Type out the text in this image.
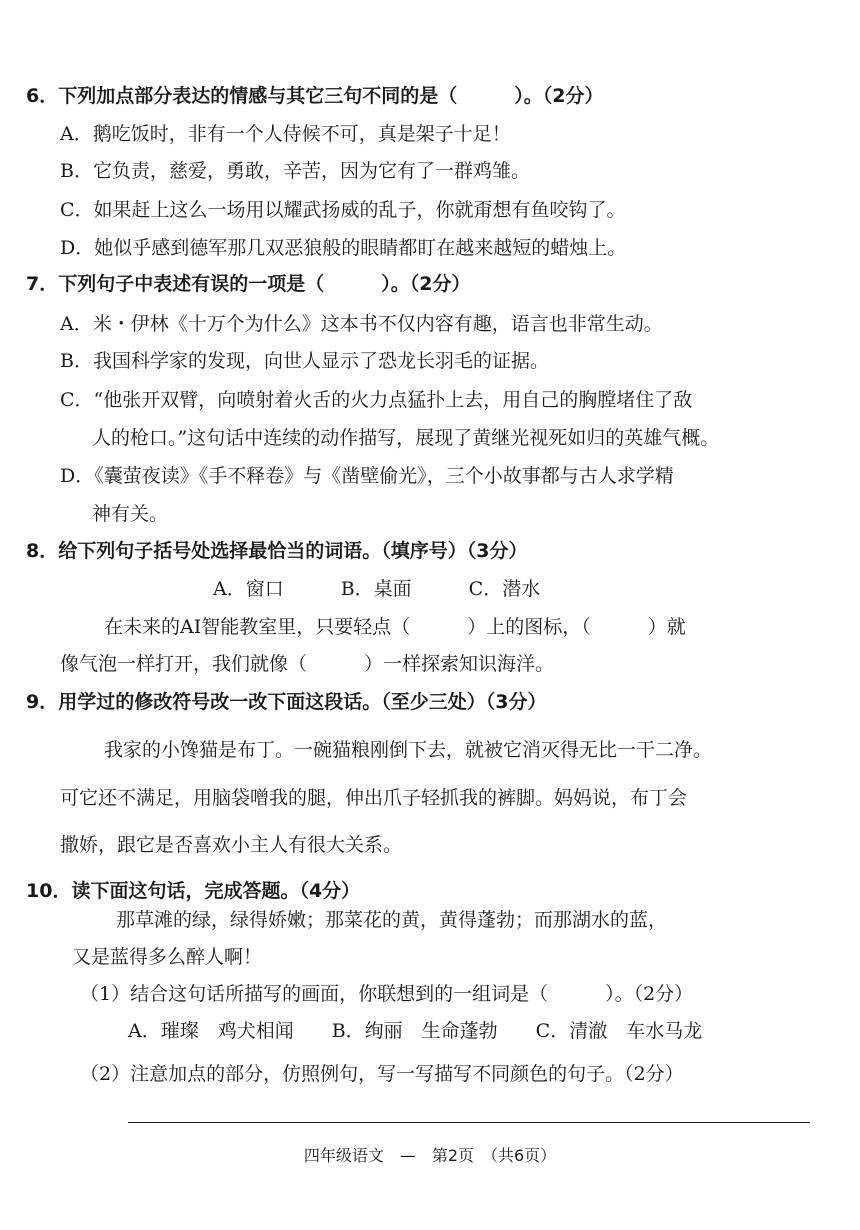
6．下列加点部分表达的情感与其它三句不同的是（　　　）。（2分）
A．鹅吃饭时，非有一个人侍候不可，真是架子十足！
B．它负责，慈爱，勇敢，辛苦，因为它有了一群鸡雏。
C．如果赶上这么一场用以耀武扬威的乱子，你就甭想有鱼咬钩了。
D．她似乎感到德军那几双恶狼般的眼睛都盯在越来越短的蜡烛上。
7．下列句子中表述有误的一项是（　　　）。（2分）
A．米・伊林《十万个为什么》这本书不仅内容有趣，语言也非常生动。
B．我国科学家的发现，向世人显示了恐龙长羽毛的证据。
C．“他张开双臂，向喷射着火舌的火力点猛扑上去，用自己的胸膛堵住了敌
人的枪口。”这句话中连续的动作描写，展现了黄继光视死如归的英雄气概。
D．《囊萤夜读》《手不释卷》与《凿壁偷光》，三个小故事都与古人求学精
神有关。
8．给下列句子括号处选择最恰当的词语。（填序号）（3分）
A．窗口　　　B．桌面　　　C．潜水
在未来的AI智能教室里，只要轻点（　　　）上的图标，（　　　）就
像气泡一样打开，我们就像（　　　）一样探索知识海洋。
9．用学过的修改符号改一改下面这段话。（至少三处）（3分）
我家的小馋猫是布丁。一碗猫粮刚倒下去，就被它消灭得无比一干二净。
可它还不满足，用脑袋噌我的腿，伸出爪子轻抓我的裤脚。妈妈说，布丁会
撒娇，跟它是否喜欢小主人有很大关系。
10．读下面这句话，完成答题。（4分）
那草滩的绿，绿得娇嫩；那菜花的黄，黄得蓬勃；而那湖水的蓝，
又是蓝得多么醉人啊！
（1）结合这句话所描写的画面，你联想到的一组词是（　　　）。（2分）
A．璀璨　鸡犬相闻　　B．绚丽　生命蓬勃　　C．清澈　车水马龙
（2）注意加点的部分，仿照例句，写一写描写不同颜色的句子。（2分）
四年级语文　—　第2页　（共6页）
